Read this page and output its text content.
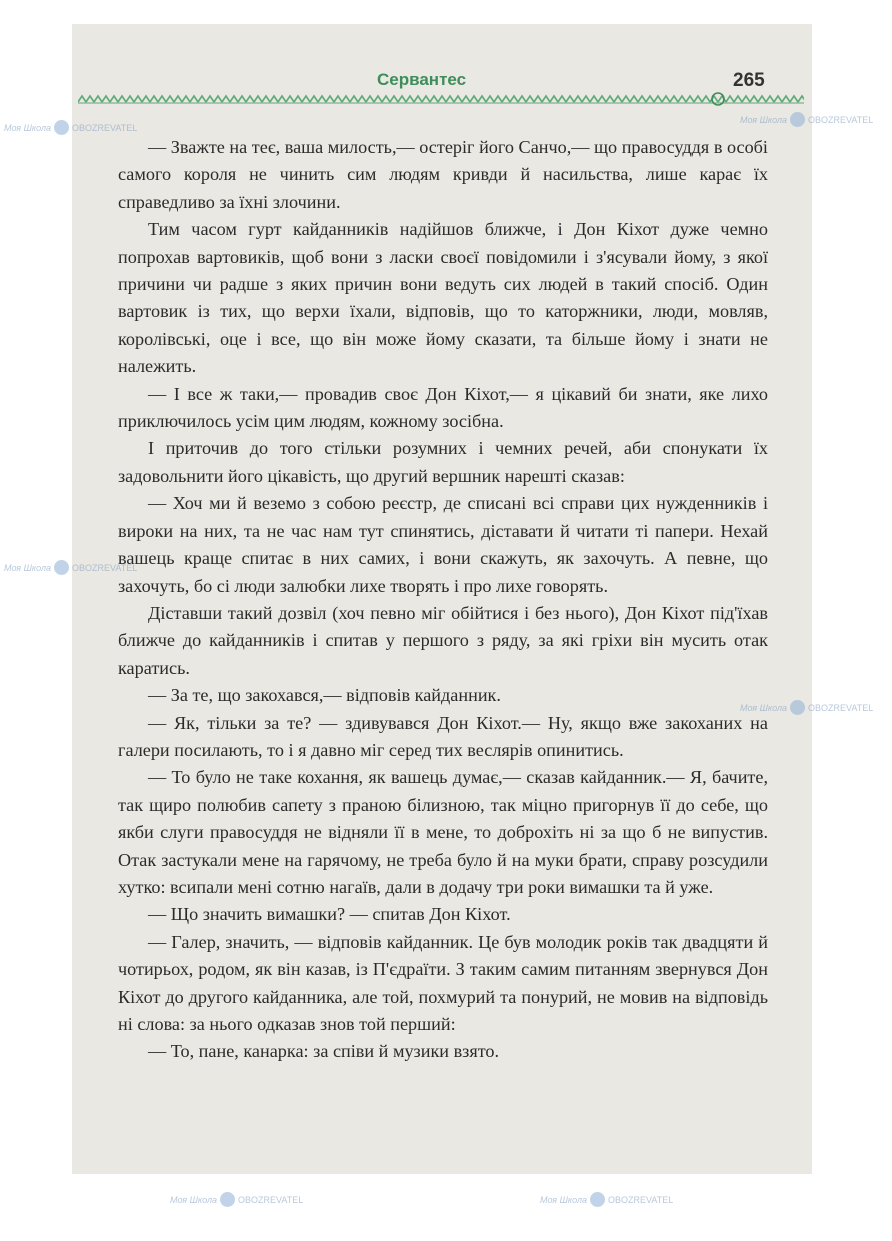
Сервантес	265

— Зважте на теє, ваша милость,— остеріг його Санчо,— що правосуддя в особі самого короля не чинить сим людям кривди й насильства, лише карає їх справедливо за їхні злочини.

Тим часом гурт кайданників надійшов ближче, і Дон Кіхот дуже чемно попрохав вартовиків, щоб вони з ласки своєї повідомили і з'ясували йому, з якої причини чи радше з яких причин вони ведуть сих людей в такий спосіб. Один вартовик із тих, що верхи їхали, відповів, що то каторжники, люди, мовляв, королівські, оце і все, що він може йому сказати, та більше йому і знати не належить.

— І все ж таки,— провадив своє Дон Кіхот,— я цікавий би знати, яке лихо приключилось усім цим людям, кожному зосібна.

І приточив до того стільки розумних і чемних речей, аби спонукати їх задовольнити його цікавість, що другий вершник нарешті сказав:

— Хоч ми й веземо з собою реєстр, де списані всі справи цих нужденників і вироки на них, та не час нам тут спинятись, діставати й читати ті папери. Нехай вашець краще спитає в них самих, і вони скажуть, як захочуть. А певне, що захочуть, бо сі люди залюбки лихе творять і про лихе говорять.

Діставши такий дозвіл (хоч певно міг обійтися і без нього), Дон Кіхот під'їхав ближче до кайданників і спитав у першого з ряду, за які гріхи він мусить отак каратись.

— За те, що закохався,— відповів кайданник.

— Як, тільки за те? — здивувався Дон Кіхот.— Ну, якщо вже закоханих на галери посилають, то і я давно міг серед тих веслярів опинитись.

— То було не таке кохання, як вашець думає,— сказав кайданник.— Я, бачите, так щиро полюбив сапету з праною білизною, так міцно пригорнув її до себе, що якби слуги правосуддя не відняли її в мене, то доброхіть ні за що б не випустив. Отак застукали мене на гарячому, не треба було й на муки брати, справу розсудили хутко: всипали мені сотню нагаїв, дали в додачу три роки вимашки та й уже.

— Що значить вимашки? — спитав Дон Кіхот.

— Галер, значить, — відповів кайданник. Це був молодик років так двадцяти й чотирьох, родом, як він казав, із П'єдраїти. З таким самим питанням звернувся Дон Кіхот до другого кайданника, але той, похмурий та понурий, не мовив на відповідь ні слова: за нього одказав знов той перший:

— То, пане, канарка: за співи й музики взято.

Моя Школа OBOZREVATEL
Моя Школа OBOZREVATEL
Моя Школа OBOZREVATEL
Моя Школа OBOZREVATEL
Моя Школа OBOZREVATEL	Моя Школа OBOZREVATEL
